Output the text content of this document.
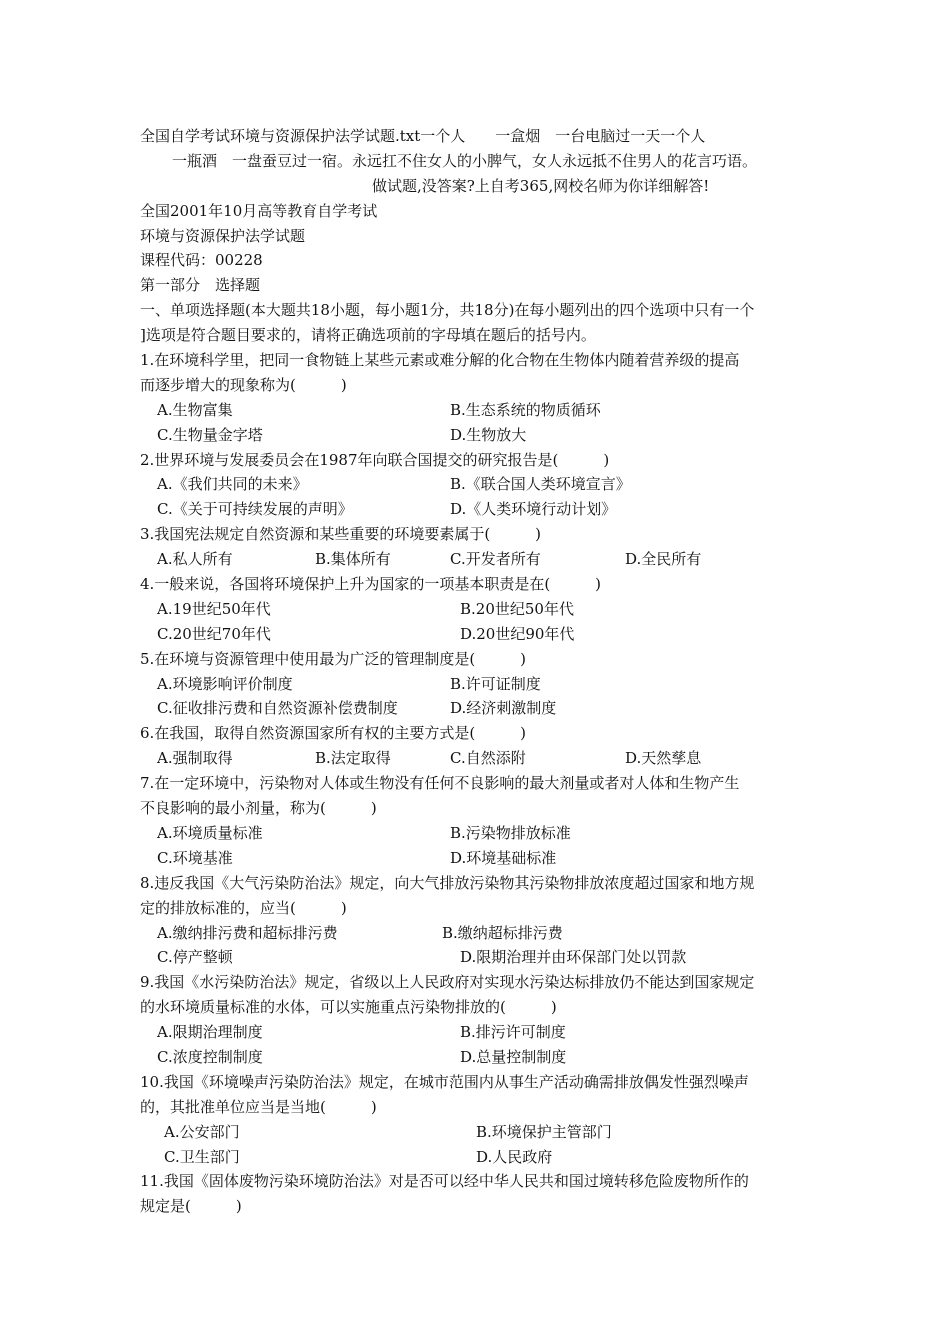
全国自学考试环境与资源保护法学试题.txt一个人　　一盒烟　一台电脑过一天一个人
一瓶酒　一盘蚕豆过一宿。永远扛不住女人的小脾气，女人永远抵不住男人的花言巧语。
做试题,没答案?上自考365,网校名师为你详细解答!
全国2001年10月高等教育自学考试
环境与资源保护法学试题
课程代码：00228
第一部分　选择题
一、单项选择题(本大题共18小题，每小题1分，共18分)在每小题列出的四个选项中只有一个
]选项是符合题目要求的，请将正确选项前的字母填在题后的括号内。
1.在环境科学里，把同一食物链上某些元素或难分解的化合物在生物体内随着营养级的提高
而逐步增大的现象称为(　　　)
A.生物富集	B.生态系统的物质循环
C.生物量金字塔	D.生物放大
2.世界环境与发展委员会在1987年向联合国提交的研究报告是(　　　)
A.《我们共同的未来》	B.《联合国人类环境宣言》
C.《关于可持续发展的声明》	D.《人类环境行动计划》
3.我国宪法规定自然资源和某些重要的环境要素属于(　　　)
A.私人所有	B.集体所有	C.开发者所有	D.全民所有
4.一般来说，各国将环境保护上升为国家的一项基本职责是在(　　　)
A.19世纪50年代	B.20世纪50年代
C.20世纪70年代	D.20世纪90年代
5.在环境与资源管理中使用最为广泛的管理制度是(　　　)
A.环境影响评价制度	B.许可证制度
C.征收排污费和自然资源补偿费制度	D.经济刺激制度
6.在我国，取得自然资源国家所有权的主要方式是(　　　)
A.强制取得	B.法定取得	C.自然添附	D.天然孳息
7.在一定环境中，污染物对人体或生物没有任何不良影响的最大剂量或者对人体和生物产生
不良影响的最小剂量，称为(　　　)
A.环境质量标准	B.污染物排放标准
C.环境基准	D.环境基础标准
8.违反我国《大气污染防治法》规定，向大气排放污染物其污染物排放浓度超过国家和地方规
定的排放标准的，应当(　　　)
A.缴纳排污费和超标排污费	B.缴纳超标排污费
C.停产整顿	D.限期治理并由环保部门处以罚款
9.我国《水污染防治法》规定，省级以上人民政府对实现水污染达标排放仍不能达到国家规定
的水环境质量标准的水体，可以实施重点污染物排放的(　　　)
A.限期治理制度	B.排污许可制度
C.浓度控制制度	D.总量控制制度
10.我国《环境噪声污染防治法》规定，在城市范围内从事生产活动确需排放偶发性强烈噪声
的，其批准单位应当是当地(　　　)
A.公安部门	B.环境保护主管部门
C.卫生部门	D.人民政府
11.我国《固体废物污染环境防治法》对是否可以经中华人民共和国过境转移危险废物所作的
规定是(　　　)
